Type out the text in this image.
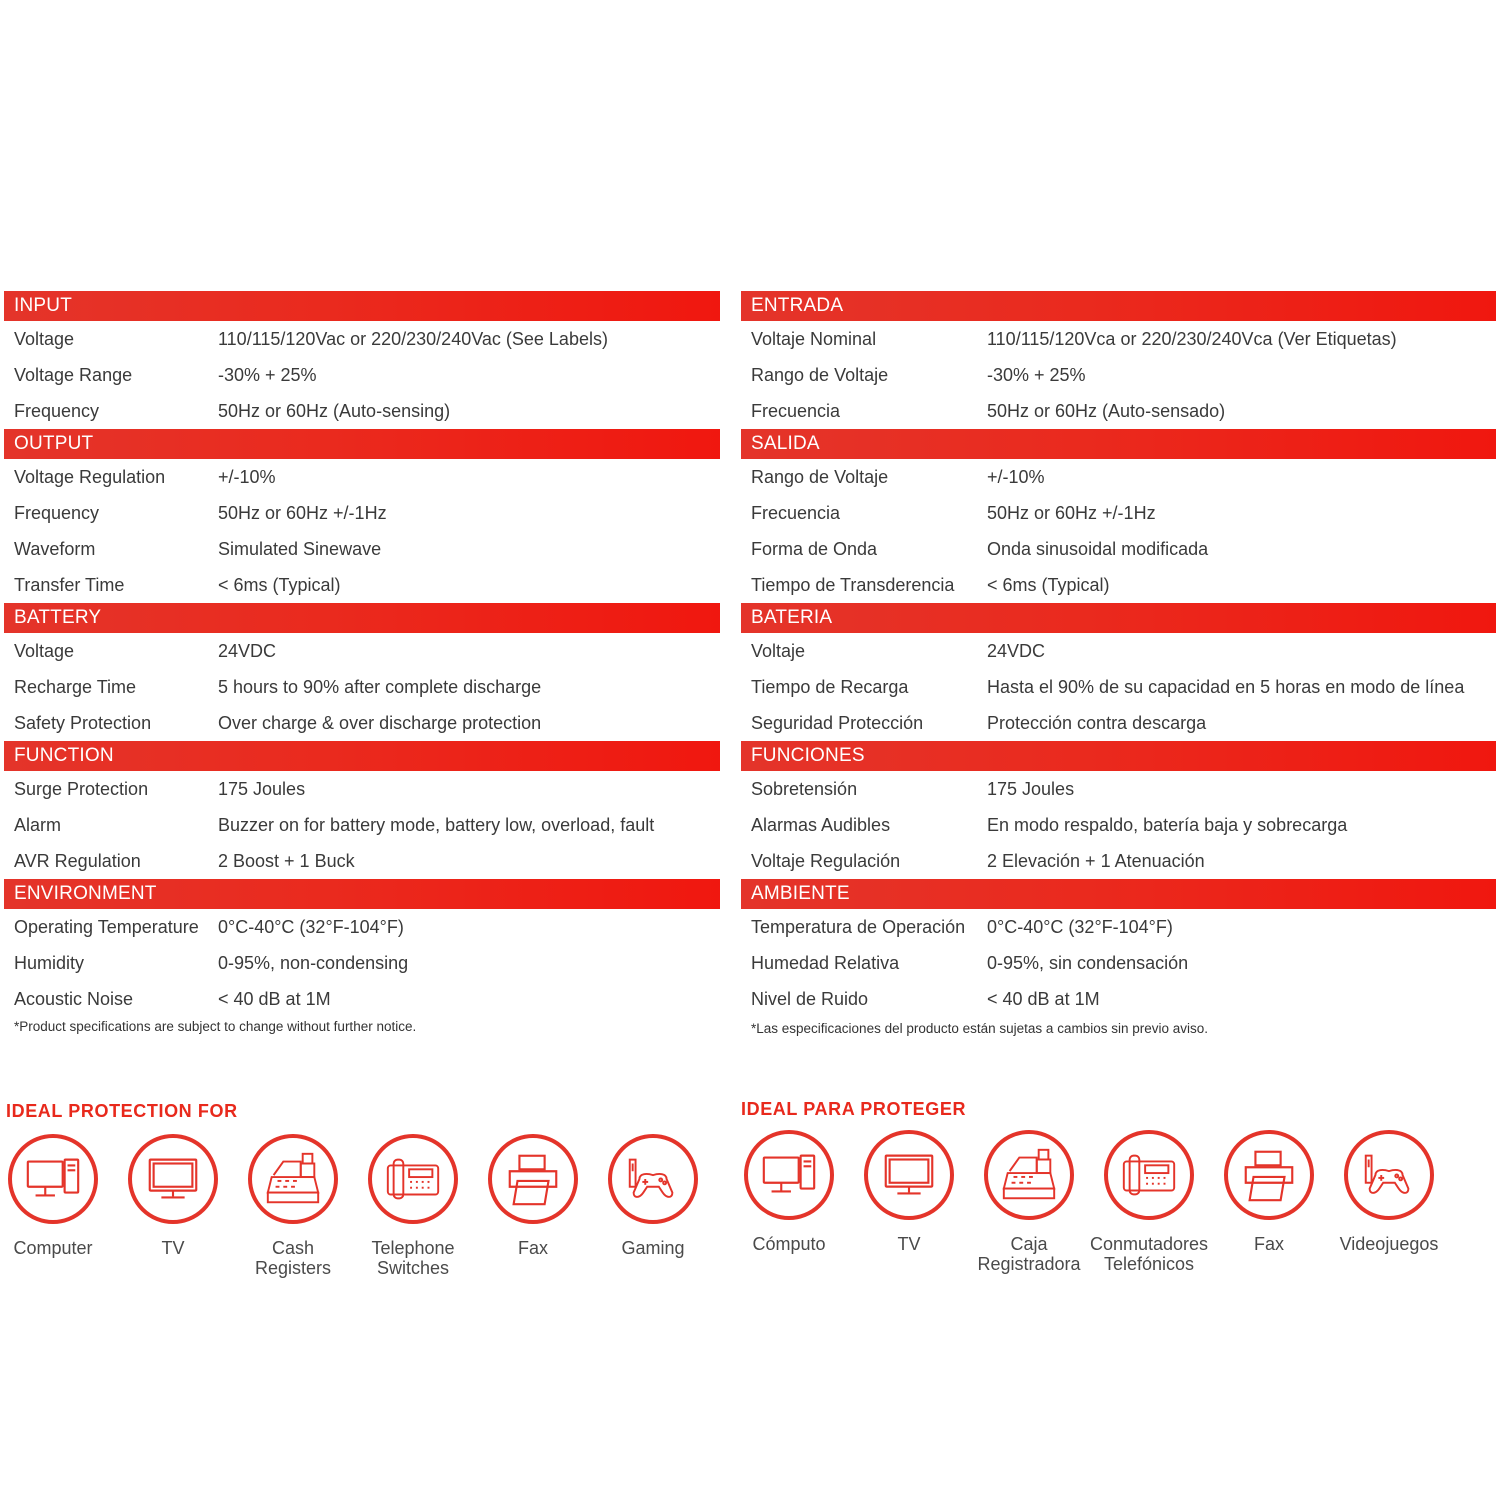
INPUT
Voltage	110/115/120Vac or 220/230/240Vac (See Labels)
Voltage Range	-30% + 25%
Frequency	50Hz or 60Hz (Auto-sensing)
OUTPUT
Voltage Regulation	+/-10%
Frequency	50Hz or 60Hz +/-1Hz
Waveform	Simulated Sinewave
Transfer Time	< 6ms (Typical)
BATTERY
Voltage	24VDC
Recharge Time	5 hours to 90% after complete discharge
Safety Protection	Over charge & over discharge protection
FUNCTION
Surge Protection	175 Joules
Alarm	Buzzer on for battery mode, battery low, overload, fault
AVR Regulation	2 Boost + 1 Buck
ENVIRONMENT
Operating Temperature 0°C-40°C (32°F-104°F)
Humidity	0-95%, non-condensing
Acoustic Noise	< 40 dB at 1M
*Product specifications are subject to change without further notice.
ENTRADA
Voltaje Nominal	110/115/120Vca or 220/230/240Vca (Ver Etiquetas)
Rango de Voltaje	-30% + 25%
Frecuencia	50Hz or 60Hz (Auto-sensado)
SALIDA
Rango de Voltaje	+/-10%
Frecuencia	50Hz or 60Hz +/-1Hz
Forma de Onda	Onda sinusoidal modificada
Tiempo de Transderencia < 6ms (Typical)
BATERIA
Voltaje	24VDC
Tiempo de Recarga	Hasta el 90% de su capacidad en 5 horas en modo de línea
Seguridad Protección	Protección contra descarga
FUNCIONES
Sobretensión	175 Joules
Alarmas Audibles	En modo respaldo, batería baja y sobrecarga
Voltaje Regulación	2 Elevación + 1 Atenuación
AMBIENTE
Temperatura de Operación 0°C-40°C (32°F-104°F)
Humedad Relativa	0-95%, sin condensación
Nivel de Ruido	< 40 dB at 1M
*Las especificaciones del producto están sujetas a cambios sin previo aviso.
IDEAL PROTECTION FOR
Computer	TV	Cash
Registers
Telephone
Switches
Fax	Gaming
IDEAL PARA PROTEGER
Cómputo	TV	Caja
Registradora
Conmutadores
Telefónicos
Fax	Videojuegos
